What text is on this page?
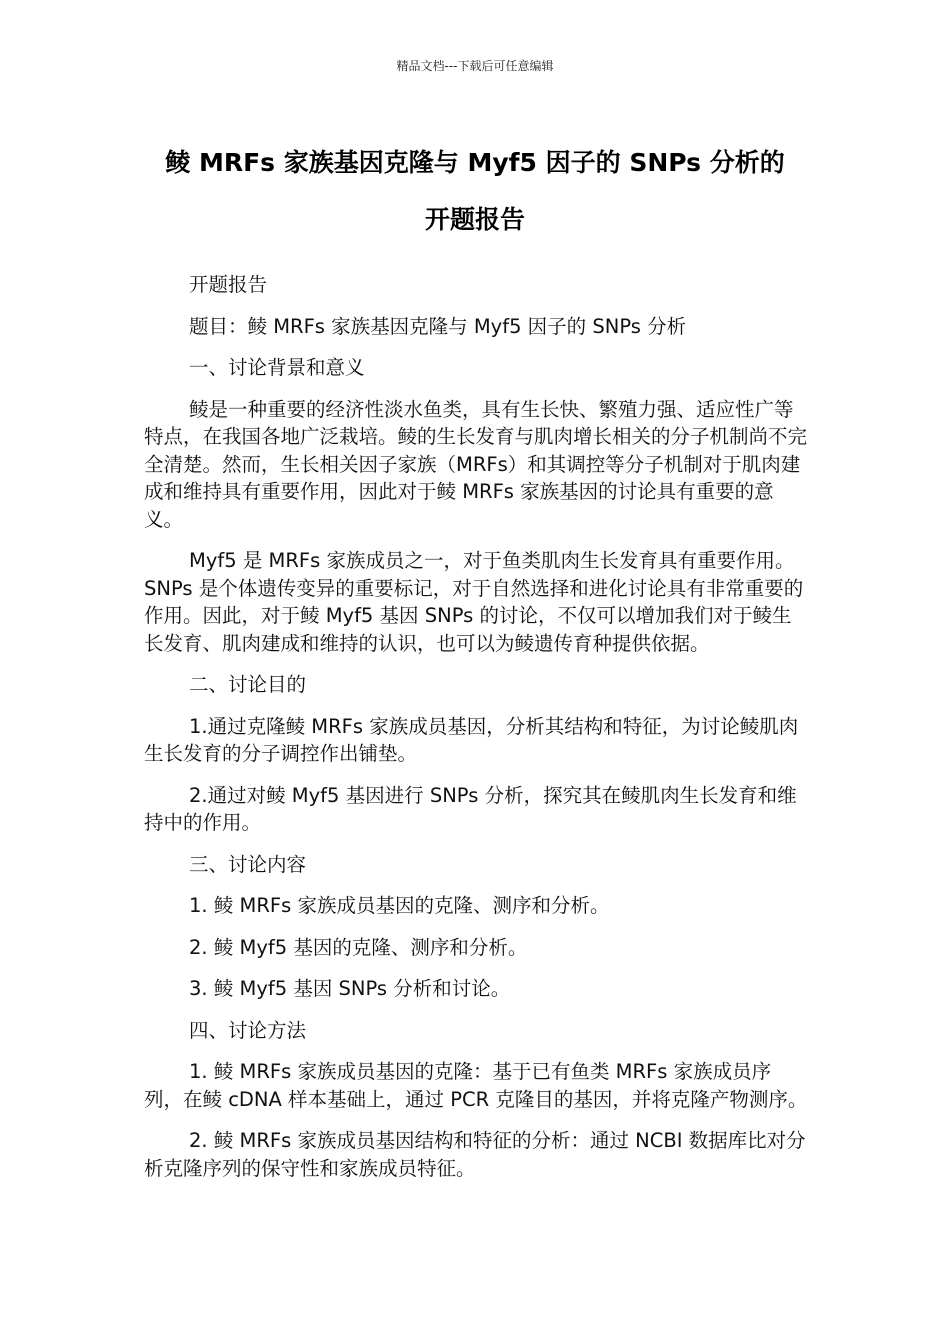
精品文档---下载后可任意编辑
鲮 MRFs 家族基因克隆与 Myf5 因子的 SNPs 分析的
开题报告

开题报告

题目：鲮 MRFs 家族基因克隆与 Myf5 因子的 SNPs 分析

一、讨论背景和意义

鲮是一种重要的经济性淡水鱼类，具有生长快、繁殖力强、适应性广等特点，在我国各地广泛栽培。鲮的生长发育与肌肉增长相关的分子机制尚不完全清楚。然而，生长相关因子家族（MRFs）和其调控等分子机制对于肌肉建成和维持具有重要作用，因此对于鲮 MRFs 家族基因的讨论具有重要的意义。

Myf5 是 MRFs 家族成员之一，对于鱼类肌肉生长发育具有重要作用。SNPs 是个体遗传变异的重要标记，对于自然选择和进化讨论具有非常重要的作用。因此，对于鲮 Myf5 基因 SNPs 的讨论，不仅可以增加我们对于鲮生长发育、肌肉建成和维持的认识，也可以为鲮遗传育种提供依据。

二、讨论目的

1.通过克隆鲮 MRFs 家族成员基因，分析其结构和特征，为讨论鲮肌肉生长发育的分子调控作出铺垫。

2.通过对鲮 Myf5 基因进行 SNPs 分析，探究其在鲮肌肉生长发育和维持中的作用。

三、讨论内容

1. 鲮 MRFs 家族成员基因的克隆、测序和分析。

2. 鲮 Myf5 基因的克隆、测序和分析。

3. 鲮 Myf5 基因 SNPs 分析和讨论。

四、讨论方法

1. 鲮 MRFs 家族成员基因的克隆：基于已有鱼类 MRFs 家族成员序列，在鲮 cDNA 样本基础上，通过 PCR 克隆目的基因，并将克隆产物测序。

2. 鲮 MRFs 家族成员基因结构和特征的分析：通过 NCBI 数据库比对分析克隆序列的保守性和家族成员特征。
